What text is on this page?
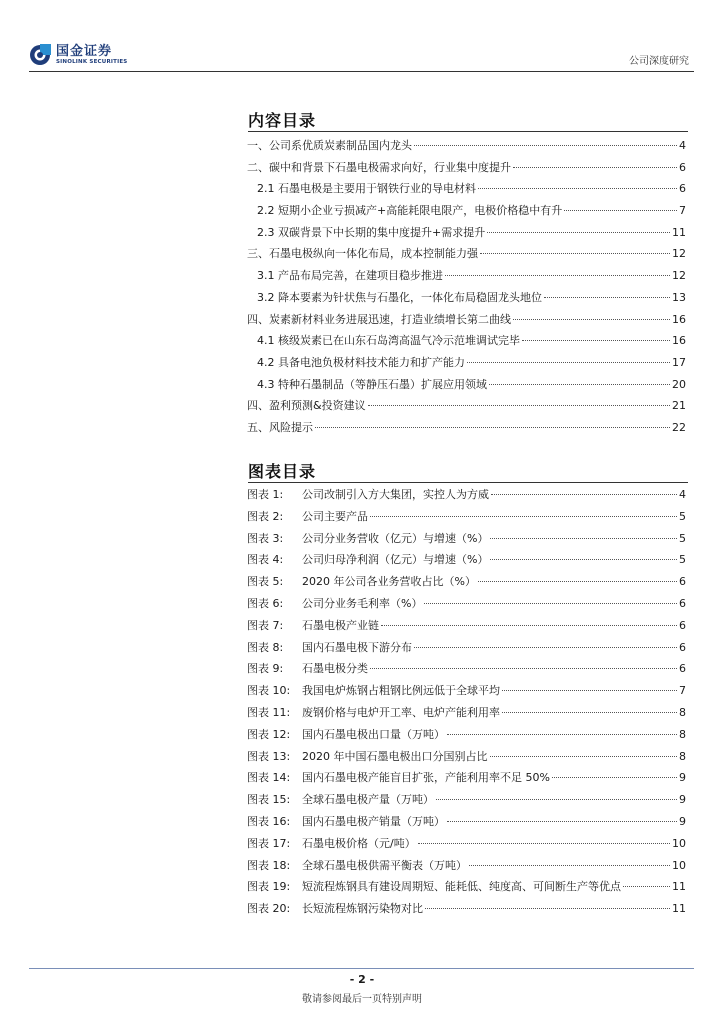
国金证券
SINOLINK SECURITIES	公司深度研究
内容目录
一、公司系优质炭素制品国内龙头	4
二、碳中和背景下石墨电极需求向好，行业集中度提升	6
2.1 石墨电极是主要用于钢铁行业的导电材料	6
2.2 短期小企业亏损减产+高能耗限电限产，电极价格稳中有升	7
2.3 双碳背景下中长期的集中度提升+需求提升	11
三、石墨电极纵向一体化布局，成本控制能力强	12
3.1 产品布局完善，在建项目稳步推进	12
3.2 降本要素为针状焦与石墨化，一体化布局稳固龙头地位	13
四、炭素新材料业务进展迅速，打造业绩增长第二曲线	16
4.1 核级炭素已在山东石岛湾高温气冷示范堆调试完毕	16
4.2 具备电池负极材料技术能力和扩产能力	17
4.3 特种石墨制品（等静压石墨）扩展应用领域	20
四、盈利预测&投资建议	21
五、风险提示	22
图表目录
图表 1:	公司改制引入方大集团，实控人为方威	4
图表 2:	公司主要产品	5
图表 3:	公司分业务营收（亿元）与增速（%）	5
图表 4:	公司归母净利润（亿元）与增速（%）	5
图表 5:	2020 年公司各业务营收占比（%）	6
图表 6:	公司分业务毛利率（%）	6
图表 7:	石墨电极产业链	6
图表 8:	国内石墨电极下游分布	6
图表 9:	石墨电极分类	6
图表 10:	我国电炉炼钢占粗钢比例远低于全球平均	7
图表 11:	废钢价格与电炉开工率、电炉产能利用率	8
图表 12:	国内石墨电极出口量（万吨）	8
图表 13:	2020 年中国石墨电极出口分国别占比	8
图表 14:	国内石墨电极产能盲目扩张，产能利用率不足 50%	9
图表 15:	全球石墨电极产量（万吨）	9
图表 16:	国内石墨电极产销量（万吨）	9
图表 17:	石墨电极价格（元/吨）	10
图表 18:	全球石墨电极供需平衡表（万吨）	10
图表 19:	短流程炼钢具有建设周期短、能耗低、纯度高、可间断生产等优点	11
图表 20:	长短流程炼钢污染物对比	11
- 2 -
敬请参阅最后一页特别声明
